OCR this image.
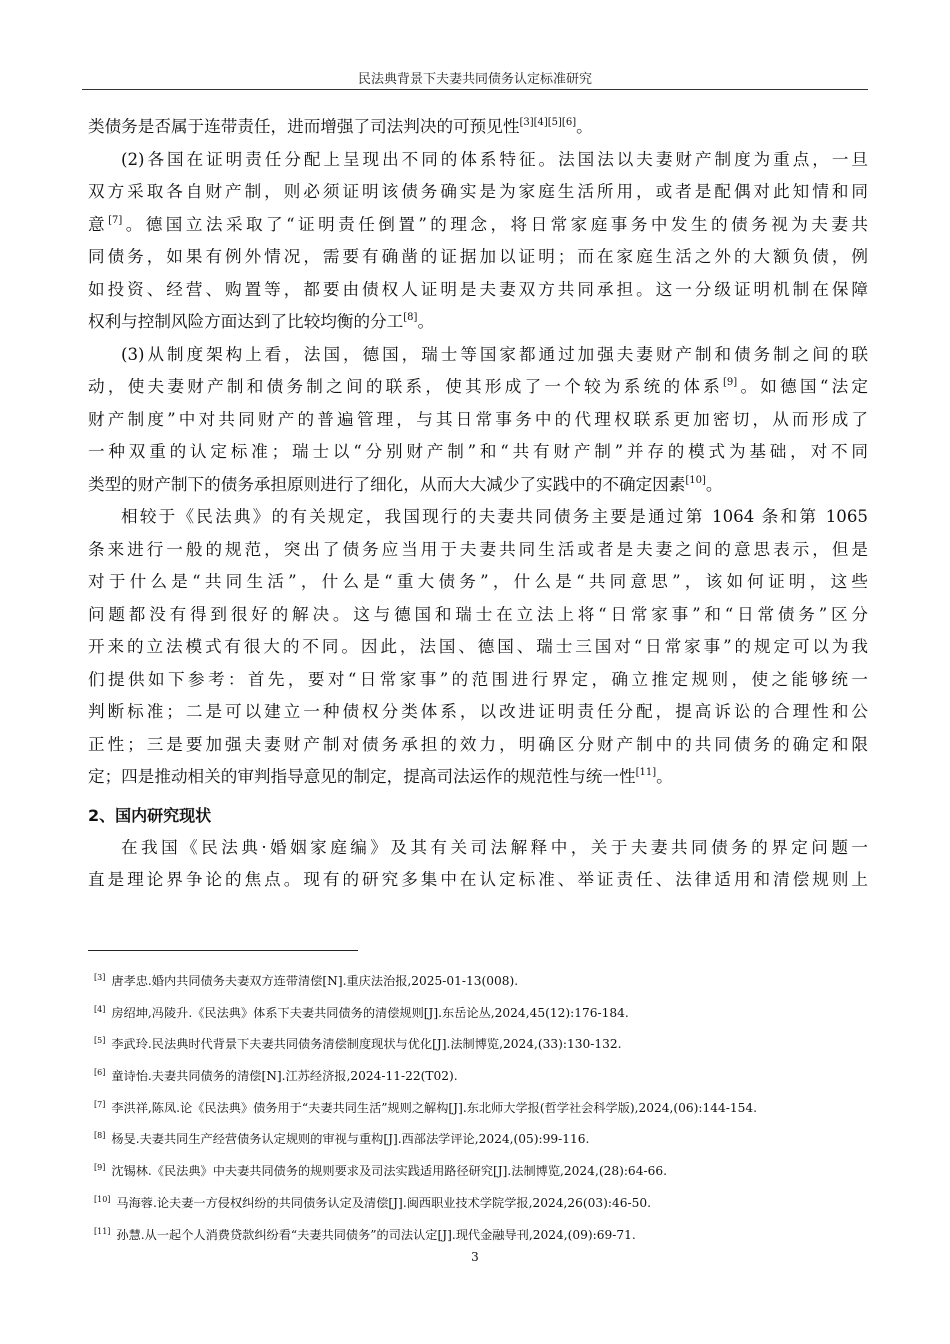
民法典背景下夫妻共同债务认定标准研究
类债务是否属于连带责任，进而增强了司法判决的可预见性[3][4][5][6]。
(2)各国在证明责任分配上呈现出不同的体系特征。法国法以夫妻财产制度为重点，一旦
双方采取各自财产制，则必须证明该债务确实是为家庭生活所用，或者是配偶对此知情和同
意[7]。德国立法采取了“证明责任倒置”的理念，将日常家庭事务中发生的债务视为夫妻共
同债务，如果有例外情况，需要有确凿的证据加以证明；而在家庭生活之外的大额负债，例
如投资、经营、购置等，都要由债权人证明是夫妻双方共同承担。这一分级证明机制在保障
权利与控制风险方面达到了比较均衡的分工[8]。
(3)从制度架构上看，法国，德国，瑞士等国家都通过加强夫妻财产制和债务制之间的联
动，使夫妻财产制和债务制之间的联系，使其形成了一个较为系统的体系[9]。如德国“法定
财产制度”中对共同财产的普遍管理，与其日常事务中的代理权联系更加密切，从而形成了
一种双重的认定标准；瑞士以“分别财产制”和“共有财产制”并存的模式为基础，对不同
类型的财产制下的债务承担原则进行了细化，从而大大减少了实践中的不确定因素[10]。
相较于《民法典》的有关规定，我国现行的夫妻共同债务主要是通过第 1064 条和第 1065
条来进行一般的规范，突出了债务应当用于夫妻共同生活或者是夫妻之间的意思表示，但是
对于什么是“共同生活”，什么是“重大债务”，什么是“共同意思”，该如何证明，这些
问题都没有得到很好的解决。这与德国和瑞士在立法上将“日常家事”和“日常债务”区分
开来的立法模式有很大的不同。因此，法国、德国、瑞士三国对“日常家事”的规定可以为我
们提供如下参考：首先，要对“日常家事”的范围进行界定，确立推定规则，使之能够统一
判断标准；二是可以建立一种债权分类体系，以改进证明责任分配，提高诉讼的合理性和公
正性；三是要加强夫妻财产制对债务承担的效力，明确区分财产制中的共同债务的确定和限
定；四是推动相关的审判指导意见的制定，提高司法运作的规范性与统一性[11]。
2、国内研究现状
在我国《民法典·婚姻家庭编》及其有关司法解释中，关于夫妻共同债务的界定问题一
直是理论界争论的焦点。现有的研究多集中在认定标准、举证责任、法律适用和清偿规则上
[3] 唐孝忠.婚内共同债务夫妻双方连带清偿[N].重庆法治报,2025-01-13(008).
[4] 房绍坤,冯陵升.《民法典》体系下夫妻共同债务的清偿规则[J].东岳论丛,2024,45(12):176-184.
[5] 李武玲.民法典时代背景下夫妻共同债务清偿制度现状与优化[J].法制博览,2024,(33):130-132.
[6] 童诗怡.夫妻共同债务的清偿[N].江苏经济报,2024-11-22(T02).
[7] 李洪祥,陈凤.论《民法典》债务用于“夫妻共同生活”规则之解构[J].东北师大学报(哲学社会科学版),2024,(06):144-154.
[8] 杨旻.夫妻共同生产经营债务认定规则的审视与重构[J].西部法学评论,2024,(05):99-116.
[9] 沈锡林.《民法典》中夫妻共同债务的规则要求及司法实践适用路径研究[J].法制博览,2024,(28):64-66.
[10] 马海蓉.论夫妻一方侵权纠纷的共同债务认定及清偿[J].闽西职业技术学院学报,2024,26(03):46-50.
[11] 孙慧.从一起个人消费贷款纠纷看“夫妻共同债务”的司法认定[J].现代金融导刊,2024,(09):69-71.
3
